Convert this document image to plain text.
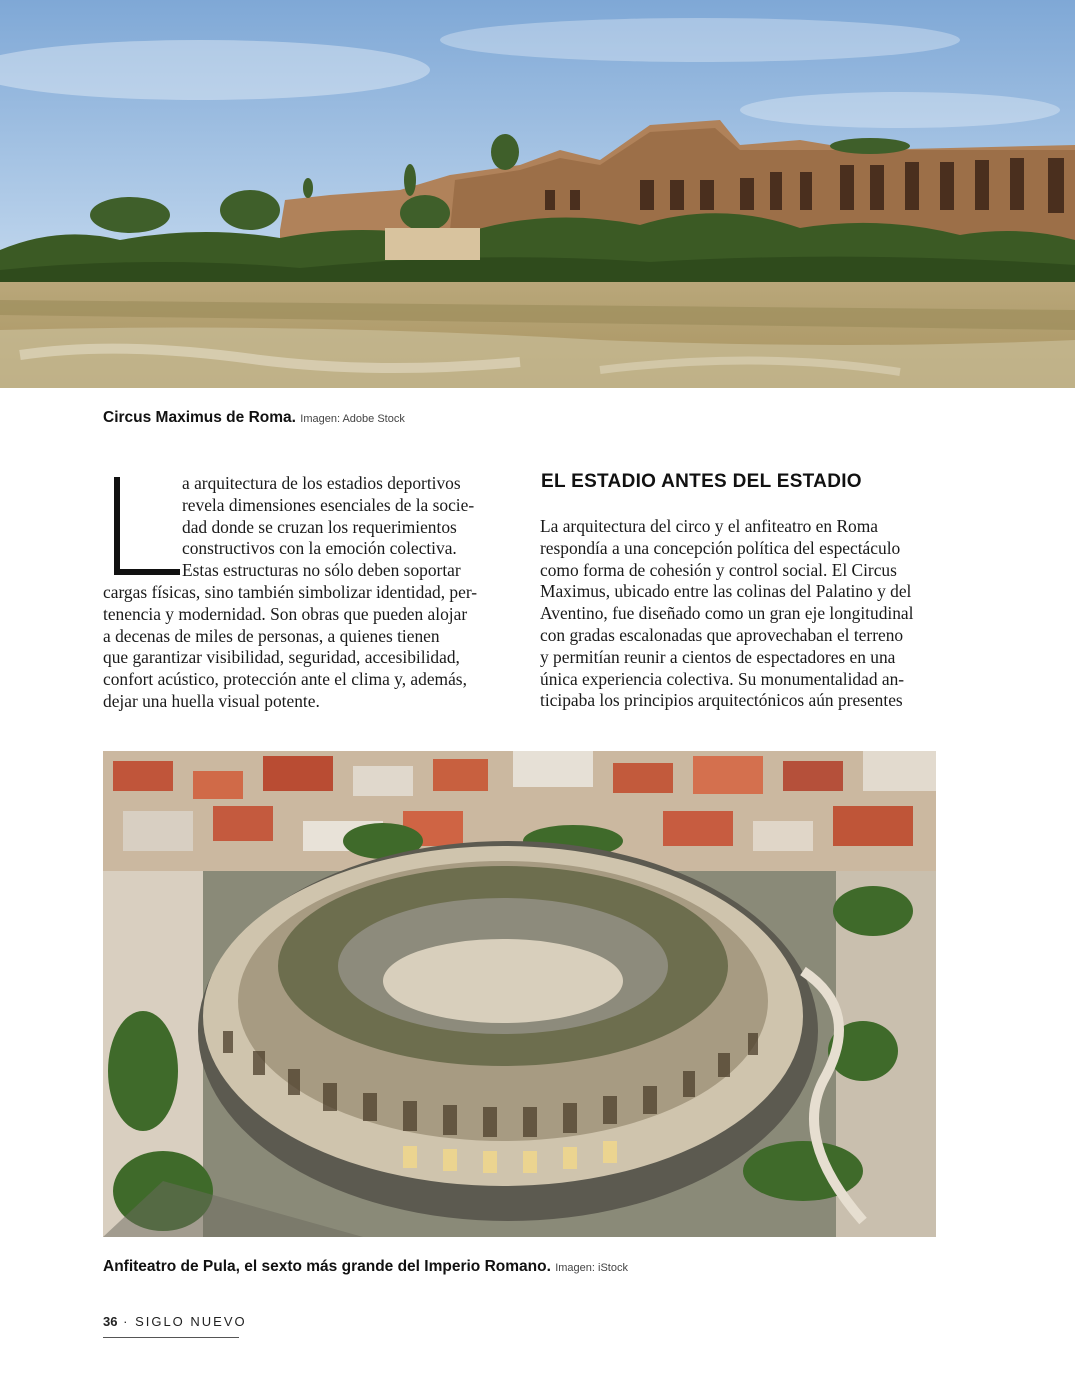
Circus Maximus de Roma. Imagen: Adobe Stock
a arquitectura de los estadios deportivos
revela dimensiones esenciales de la socie-
dad donde se cruzan los requerimientos
constructivos con la emoción colectiva.
Estas estructuras no sólo deben soportar
cargas físicas, sino también simbolizar identidad, per-
tenencia y modernidad. Son obras que pueden alojar
a decenas de miles de personas, a quienes tienen
que garantizar visibilidad, seguridad, accesibilidad,
confort acústico, protección ante el clima y, además,
dejar una huella visual potente.
EL ESTADIO ANTES DEL ESTADIO
La arquitectura del circo y el anfiteatro en Roma
respondía a una concepción política del espectáculo
como forma de cohesión y control social. El Circus
Maximus, ubicado entre las colinas del Palatino y del
Aventino, fue diseñado como un gran eje longitudinal
con gradas escalonadas que aprovechaban el terreno
y permitían reunir a cientos de espectadores en una
única experiencia colectiva. Su monumentalidad an-
ticipaba los principios arquitectónicos aún presentes
Anfiteatro de Pula, el sexto más grande del Imperio Romano. Imagen: iStock
36 · SIGLO NUEVO
